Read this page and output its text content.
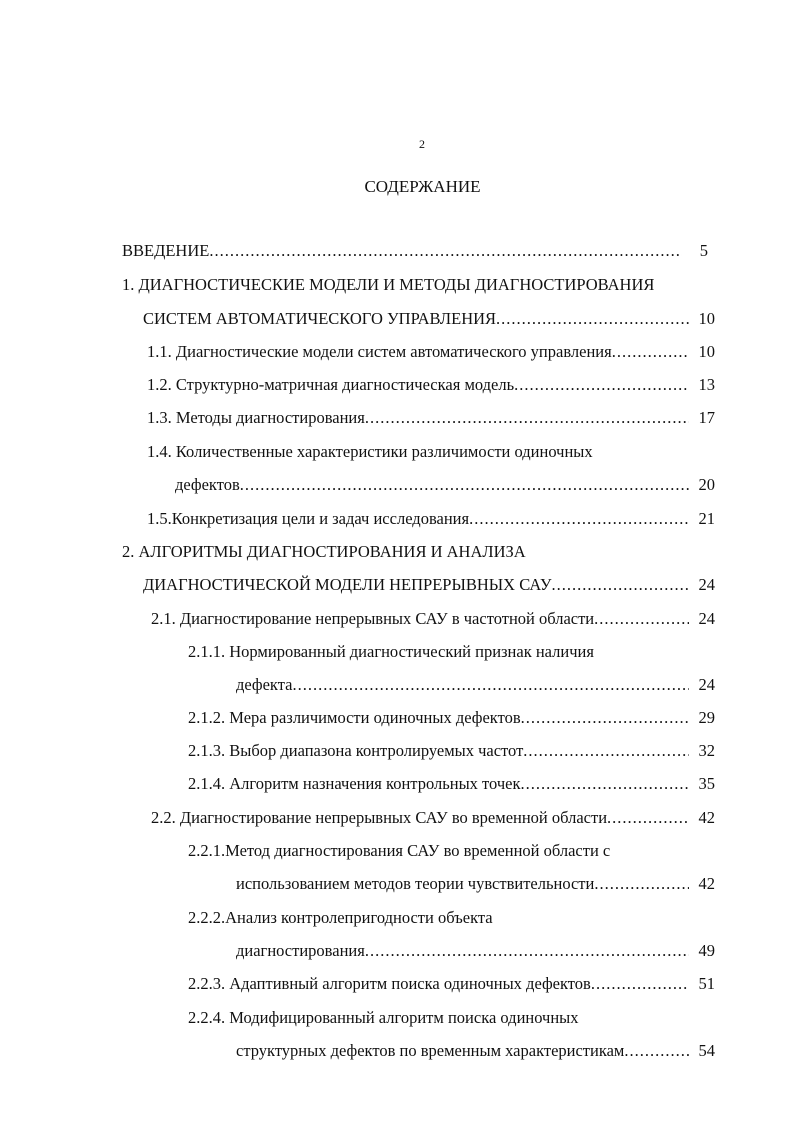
2
СОДЕРЖАНИЕ
ВВЕДЕНИЕ .....	5
1. ДИАГНОСТИЧЕСКИЕ МОДЕЛИ И МЕТОДЫ ДИАГНОСТИРОВАНИЯ
СИСТЕМ АВТОМАТИЧЕСКОГО УПРАВЛЕНИЯ .....	10
1.1. Диагностические модели систем автоматического управления .....	10
1.2. Структурно-матричная диагностическая модель .....	13
1.3. Методы диагностирования .....	17
1.4. Количественные характеристики различимости одиночных
дефектов .....	20
1.5.Конкретизация цели и задач исследования .....	21
2. АЛГОРИТМЫ ДИАГНОСТИРОВАНИЯ И АНАЛИЗА
ДИАГНОСТИЧЕСКОЙ МОДЕЛИ НЕПРЕРЫВНЫХ САУ .....	24
2.1. Диагностирование непрерывных САУ в частотной области .....	24
2.1.1. Нормированный диагностический признак наличия
дефекта .....	24
2.1.2. Мера различимости одиночных дефектов .....	29
2.1.3. Выбор диапазона контролируемых частот .....	32
2.1.4. Алгоритм назначения контрольных точек .....	35
2.2. Диагностирование непрерывных САУ во временной области .....	42
2.2.1.Метод диагностирования САУ во временной области с
использованием методов теории чувствительности .....	42
2.2.2.Анализ контролепригодности объекта
диагностирования .....	49
2.2.3. Адаптивный алгоритм поиска одиночных дефектов .....	51
2.2.4. Модифицированный алгоритм поиска одиночных
структурных дефектов по временным характеристикам .....	54
